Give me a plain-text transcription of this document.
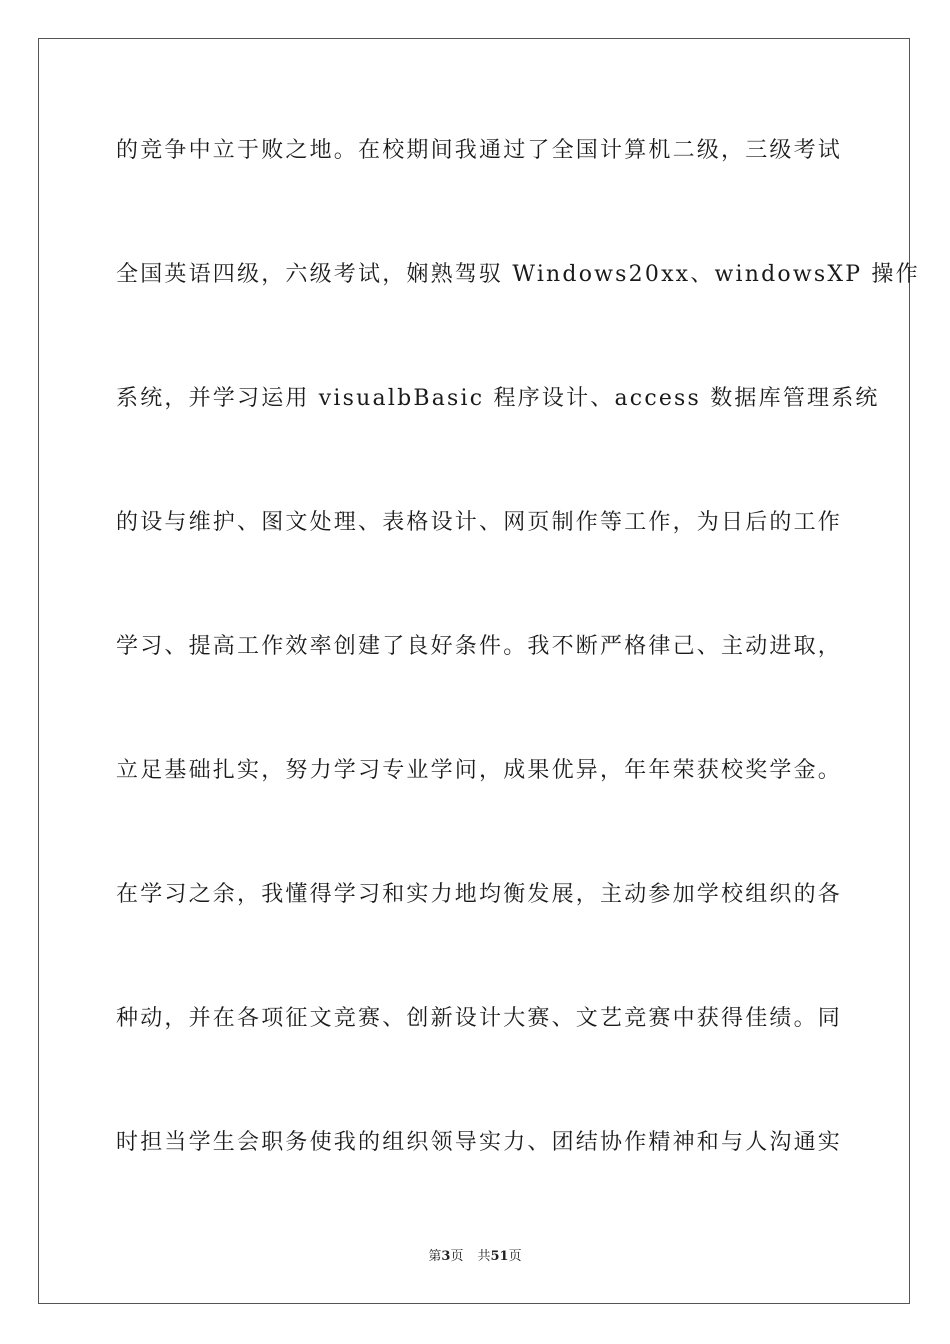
的竞争中立于败之地。在校期间我通过了全国计算机二级，三级考试
全国英语四级，六级考试，娴熟驾驭 Windows20xx、windowsXP 操作
系统，并学习运用 visualbBasic 程序设计、access 数据库管理系统
的设与维护、图文处理、表格设计、网页制作等工作，为日后的工作
学习、提高工作效率创建了良好条件。我不断严格律己、主动进取，
立足基础扎实，努力学习专业学问，成果优异，年年荣获校奖学金。
在学习之余，我懂得学习和实力地均衡发展，主动参加学校组织的各
种动，并在各项征文竞赛、创新设计大赛、文艺竞赛中获得佳绩。同
时担当学生会职务使我的组织领导实力、团结协作精神和与人沟通实
第3页 共51页
